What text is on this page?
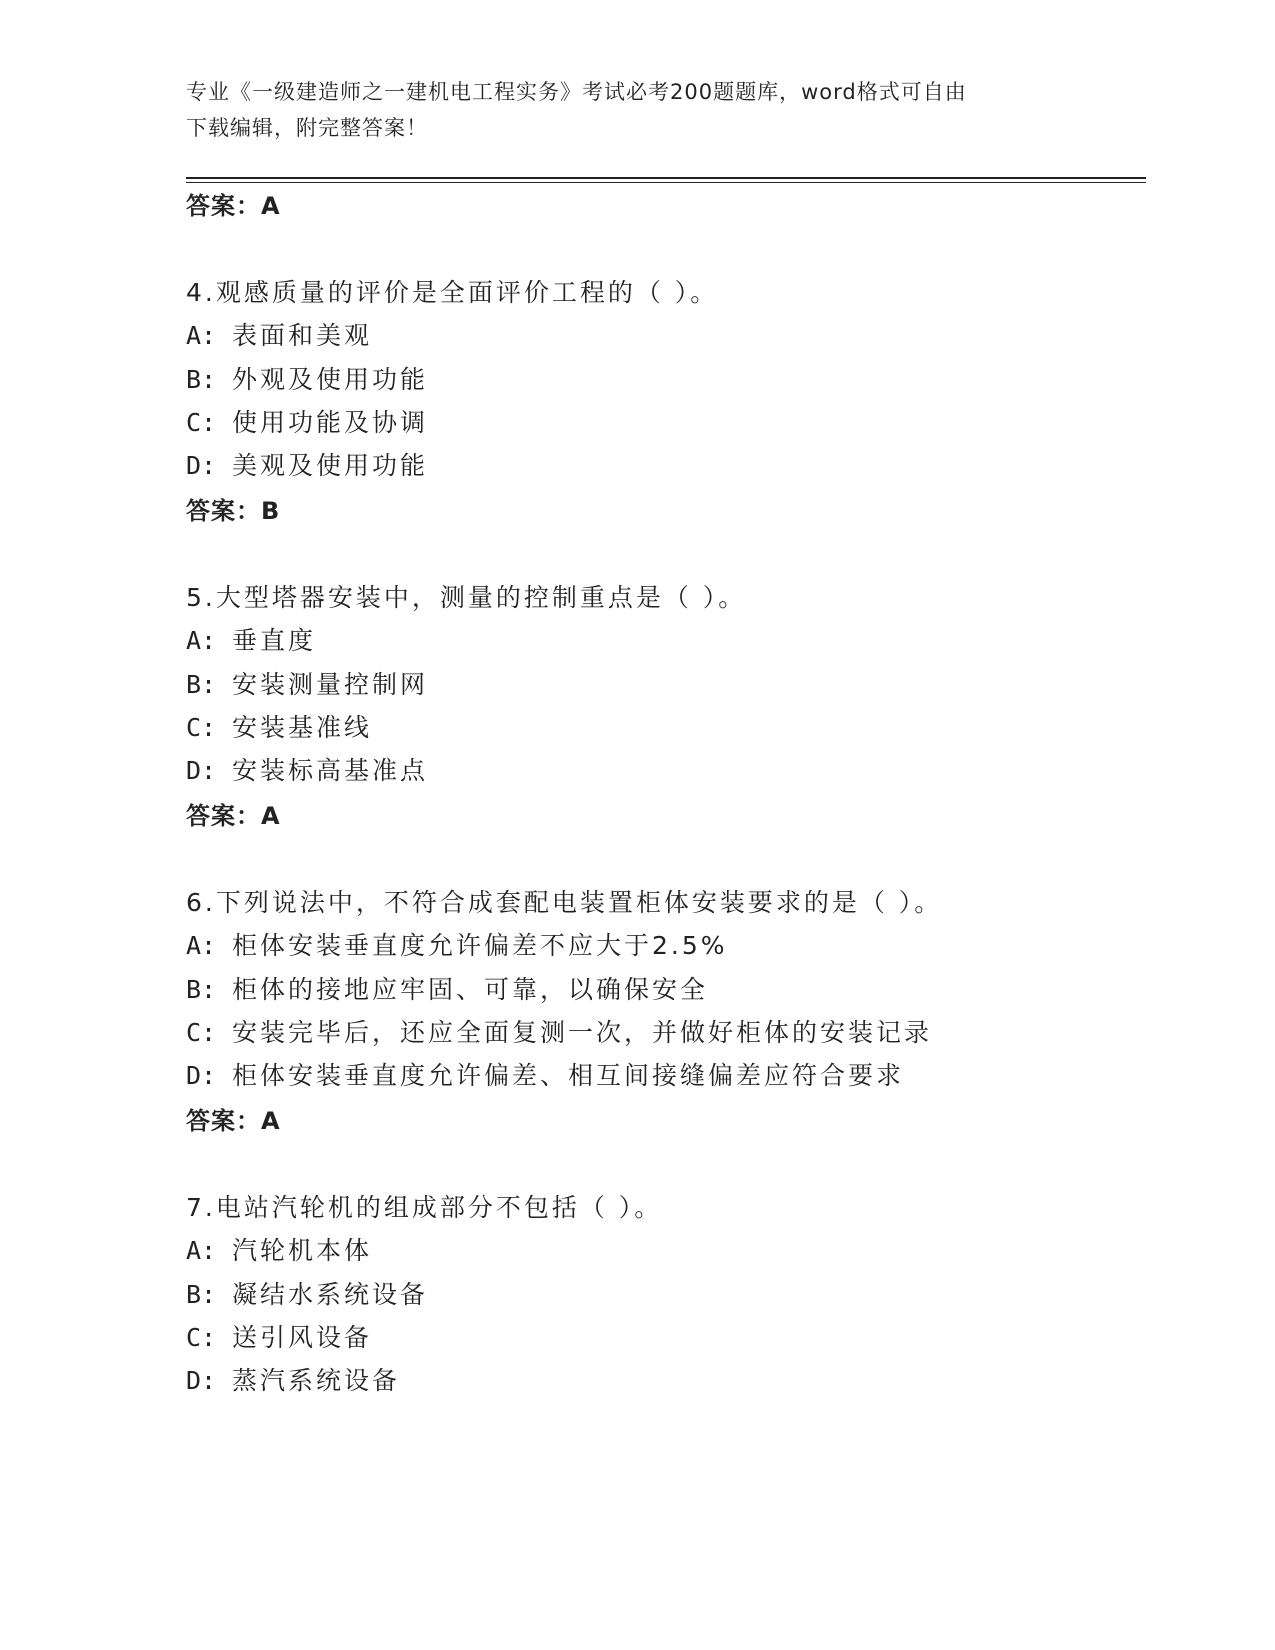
专业《一级建造师之一建机电工程实务》考试必考200题题库，word格式可自由
下载编辑，附完整答案！
答案：A
4.观感质量的评价是全面评价工程的（ ）。
A: 表面和美观
B: 外观及使用功能
C: 使用功能及协调
D: 美观及使用功能
答案：B
5.大型塔器安装中，测量的控制重点是（ ）。
A: 垂直度
B: 安装测量控制网
C: 安装基准线
D: 安装标高基准点
答案：A
6.下列说法中，不符合成套配电装置柜体安装要求的是（ ）。
A: 柜体安装垂直度允许偏差不应大于2.5%
B: 柜体的接地应牢固、可靠，以确保安全
C: 安装完毕后，还应全面复测一次，并做好柜体的安装记录
D: 柜体安装垂直度允许偏差、相互间接缝偏差应符合要求
答案：A
7.电站汽轮机的组成部分不包括（ ）。
A: 汽轮机本体
B: 凝结水系统设备
C: 送引风设备
D: 蒸汽系统设备
